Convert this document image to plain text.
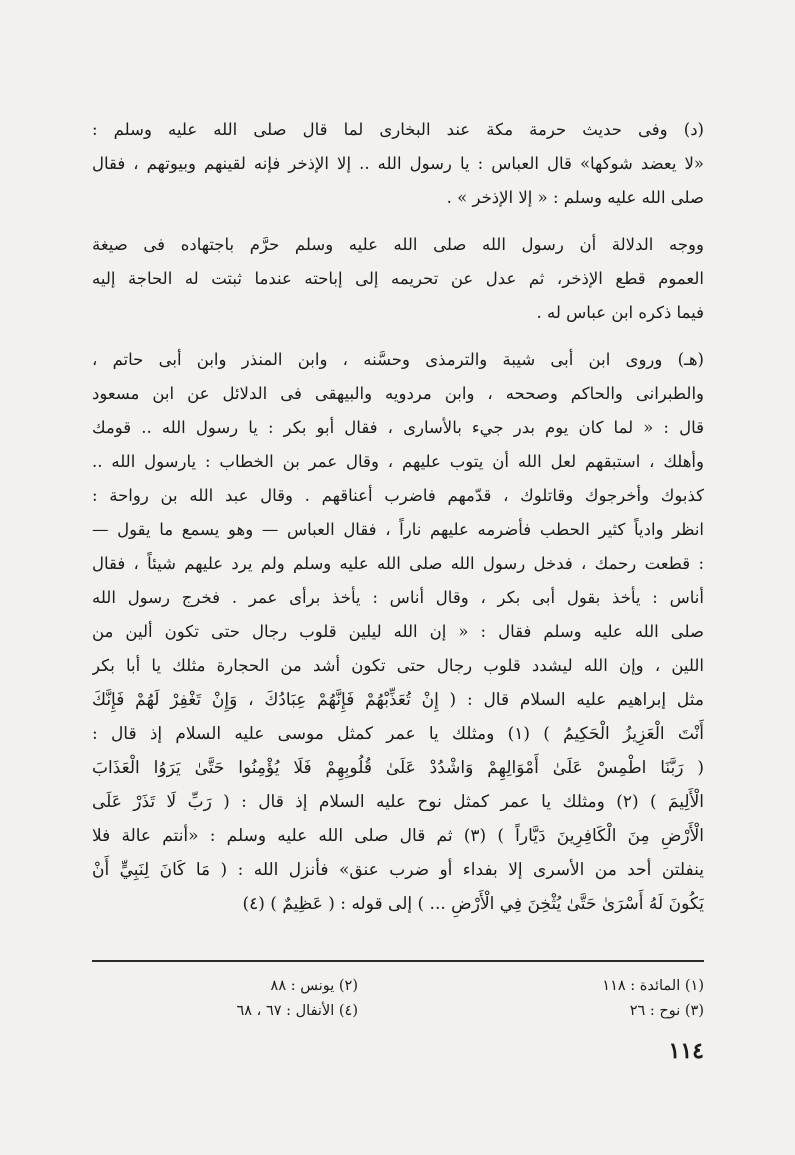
(د) وفى حديث حرمة مكة عند البخارى لما قال صلى الله عليه وسلم :
«لا يعضد شوكها» قال العباس : يا رسول الله .. إلا الإذخر فإنه لقينهم وبيوتهم ، فقال
صلى الله عليه وسلم : « إلا الإذخر » .
ووجه الدلالة أن رسول الله صلى الله عليه وسلم حرَّم باجتهاده فى صيغة
العموم قطع الإذخر، ثم عدل عن تحريمه إلى إباحته عندما ثبتت له الحاجة إليه
فيما ذكره ابن عباس له .
(هـ) وروى ابن أبى شيبة والترمذى وحسَّنه ، وابن المنذر وابن أبى حاتم ،
والطبرانى والحاكم وصححه ، وابن مردويه والبيهقى فى الدلائل عن ابن مسعود
قال : « لما كان يوم بدر جيء بالأسارى ، فقال أبو بكر : يا رسول الله .. قومك
وأهلك ، استبقهم لعل الله أن يتوب عليهم ، وقال عمر بن الخطاب : يارسول الله ..
كذبوك وأخرجوك وقاتلوك ، قدّمهم فاضرب أعناقهم . وقال عبد الله بن رواحة :
انظر وادياً كثير الحطب فأضرمه عليهم ناراً ، فقال العباس — وهو يسمع ما يقول —
: قطعت رحمك ، فدخل رسول الله صلى الله عليه وسلم ولم يرد عليهم شيئاً ، فقال
أناس : يأخذ بقول أبى بكر ، وقال أناس : يأخذ برأى عمر . فخرج رسول الله
صلى الله عليه وسلم فقال : « إن الله ليلين قلوب رجال حتى تكون ألين من
اللين ، وإن الله ليشدد قلوب رجال حتى تكون أشد من الحجارة مثلك يا أبا بكر
مثل إبراهيم عليه السلام قال : ( إِنْ تُعَذِّبْهُمْ فَإِنَّهُمْ عِبَادُكَ ، وَإِنْ تَغْفِرْ لَهُمْ فَإِنَّكَ
أَنْتَ الْعَزِيزُ الْحَكِيمُ ) (١) ومثلك يا عمر كمثل موسى عليه السلام إذ قال :
( رَبَّنَا اطْمِسْ عَلَىٰ أَمْوَالِهِمْ وَاشْدُدْ عَلَىٰ قُلُوبِهِمْ فَلَا يُؤْمِنُوا حَتَّىٰ يَرَوُا الْعَذَابَ
الْأَلِيمَ ) (٢) ومثلك يا عمر كمثل نوح عليه السلام إذ قال : ( رَبِّ لَا تَذَرْ عَلَى
الْأَرْضِ مِنَ الْكَافِرِينَ دَيَّاراً ) (٣) ثم قال صلى الله عليه وسلم : «أنتم عالة فلا
ينفلتن أحد من الأسرى إلا بفداء أو ضرب عنق» فأنزل الله : ( مَا كَانَ لِنَبِيٍّ أَنْ
يَكُونَ لَهُ أَسْرَىٰ حَتَّىٰ يُثْخِنَ فِي الْأَرْضِ ... ) إلى قوله : ( عَظِيمٌ ) (٤)
(١) المائدة : ١١٨
(٢) يونس : ٨٨
(٣) نوح : ٢٦
(٤) الأنفال : ٦٧ ، ٦٨
١١٤
